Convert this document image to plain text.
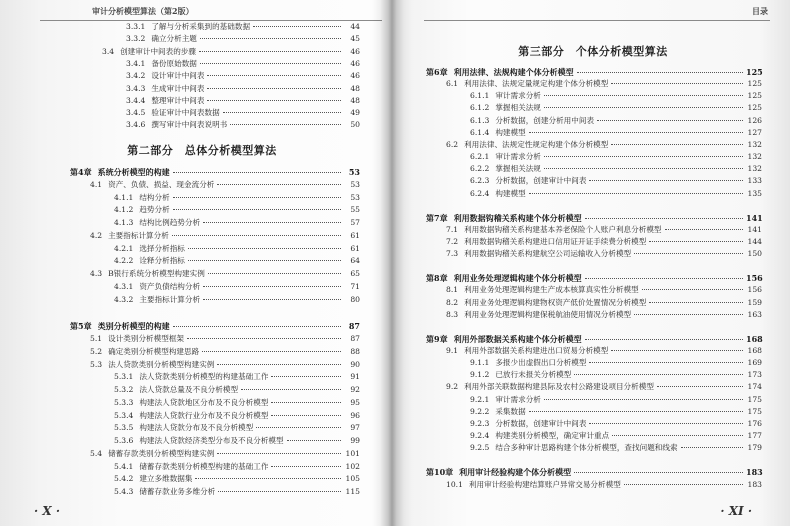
审计分析模型算法（第2版）
3.3.1 了解与分析采集到的基础数据	44
3.3.2 确立分析主题	45
3.4 创建审计中间表的步骤	46
3.4.1 备份原始数据	46
3.4.2 设计审计中间表	46
3.4.3 生成审计中间表	48
3.4.4 整理审计中间表	48
3.4.5 验证审计中间表数据	49
3.4.6 撰写审计中间表说明书	50
第二部分　总体分析模型算法
第4章 系统分析模型的构建	53
4.1 资产、负债、损益、现金流分析	53
4.1.1 结构分析	53
4.1.2 趋势分析	55
4.1.3 结构比例趋势分析	57
4.2 主要指标计算分析	61
4.2.1 选择分析指标	61
4.2.2 诠释分析指标	64
4.3 B银行系统分析模型构建实例	65
4.3.1 资产负债结构分析	71
4.3.2 主要指标计算分析	80
第5章 类别分析模型的构建	87
5.1 设计类别分析模型框架	87
5.2 确定类别分析模型构建思路	88
5.3 法人贷款类别分析模型构建实例	90
5.3.1 法人贷款类别分析模型的构建基础工作	91
5.3.2 法人贷款总量及不良分析模型	92
5.3.3 构建法人贷款地区分布及不良分析模型	95
5.3.4 构建法人贷款行业分布及不良分析模型	96
5.3.5 构建法人贷款分布及不良分析模型	97
5.3.6 构建法人贷款经济类型分布及不良分析模型	99
5.4 储蓄存款类别分析模型构建实例	101
5.4.1 储蓄存款类别分析模型构建的基础工作	102
5.4.2 建立多维数据集	105
5.4.3 储蓄存款业务多维分析	115
· X ·
目录
第三部分　个体分析模型算法
第6章 利用法律、法规构建个体分析模型	125
6.1 利用法律、法规定量规定构建个体分析模型	125
6.1.1 审计需求分析	125
6.1.2 掌握相关法规	125
6.1.3 分析数据，创建分析用中间表	126
6.1.4 构建模型	127
6.2 利用法律、法规定性规定构建个体分析模型	132
6.2.1 审计需求分析	132
6.2.2 掌握相关法规	132
6.2.3 分析数据，创建审计中间表	133
6.2.4 构建模型	135
第7章 利用数据钩稽关系构建个体分析模型	141
7.1 利用数据钩稽关系构建基本养老保险个人账户利息分析模型	141
7.2 利用数据钩稽关系构建进口信用证开证手续费分析模型	144
7.3 利用数据钩稽关系构建航空公司运输收入分析模型	150
第8章 利用业务处理逻辑构建个体分析模型	156
8.1 利用业务处理逻辑构建生产成本核算真实性分析模型	156
8.2 利用业务处理逻辑构建物权资产低价处置情况分析模型	159
8.3 利用业务处理逻辑构建保税航油使用情况分析模型	163
第9章 利用外部数据关系构建个体分析模型	168
9.1 利用外部数据关系构建进出口贸易分析模型	168
9.1.1 多报少出虚假出口分析模型	169
9.1.2 已放行未报关分析模型	173
9.2 利用外部关联数据构建县际及农村公路建设项目分析模型	174
9.2.1 审计需求分析	175
9.2.2 采集数据	175
9.2.3 分析数据，创建审计中间表	176
9.2.4 构建类别分析模型，确定审计重点	177
9.2.5 结合多种审计思路构建个体分析模型，查找问题和线索	179
第10章 利用审计经验构建个体分析模型	183
10.1 利用审计经验构建结算账户异常交易分析模型	183
· XI ·
